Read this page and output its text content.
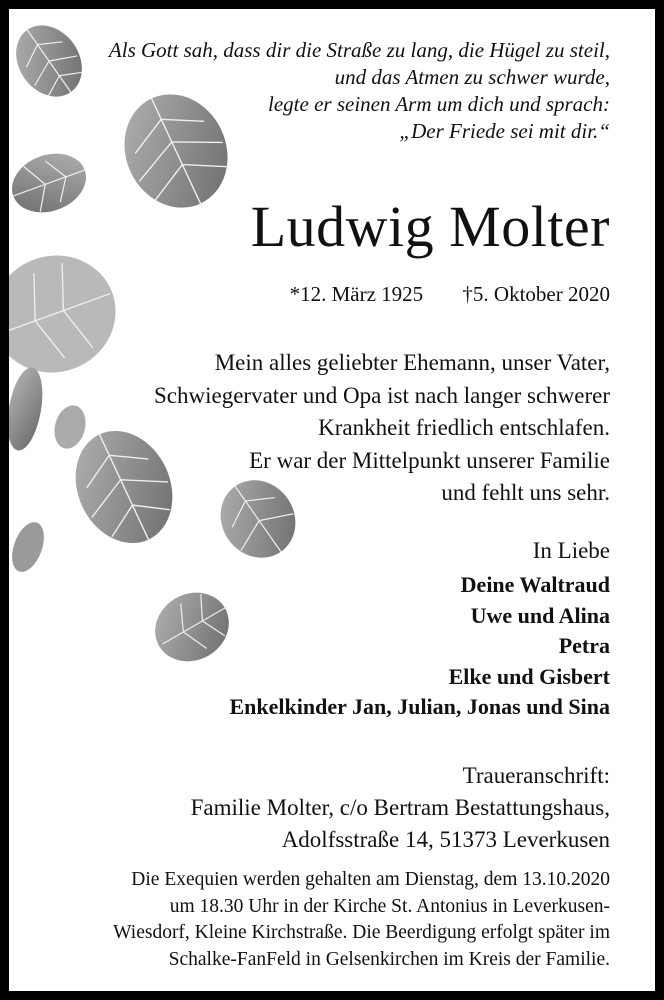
Als Gott sah, dass dir die Straße zu lang, die Hügel zu steil,
und das Atmen zu schwer wurde,
legte er seinen Arm um dich und sprach:
„Der Friede sei mit dir.“
Ludwig Molter
*12. März 1925 †5. Oktober 2020
Mein alles geliebter Ehemann, unser Vater,
Schwiegervater und Opa ist nach langer schwerer
Krankheit friedlich entschlafen.
Er war der Mittelpunkt unserer Familie
und fehlt uns sehr.
In Liebe
Deine Waltraud
Uwe und Alina
Petra
Elke und Gisbert
Enkelkinder Jan, Julian, Jonas und Sina
Traueranschrift:
Familie Molter, c/o Bertram Bestattungshaus,
Adolfsstraße 14, 51373 Leverkusen
Die Exequien werden gehalten am Dienstag, dem 13.10.2020
um 18.30 Uhr in der Kirche St. Antonius in Leverkusen-
Wiesdorf, Kleine Kirchstraße. Die Beerdigung erfolgt später im
Schalke-FanFeld in Gelsenkirchen im Kreis der Familie.
